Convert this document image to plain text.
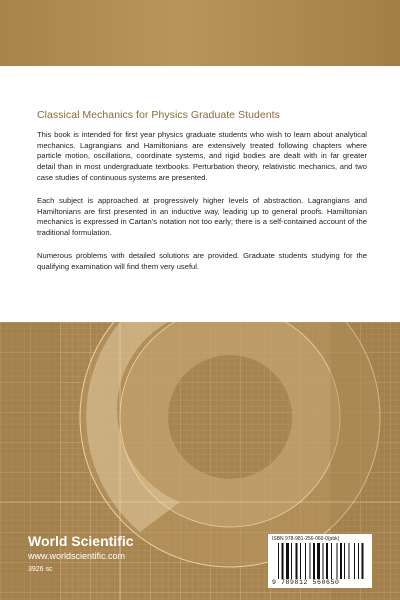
Classical Mechanics for Physics Graduate Students

This book is intended for first year physics graduate students who wish to learn about analytical mechanics. Lagrangians and Hamiltonians are extensively treated following chapters where particle motion, oscillations, coordinate systems, and rigid bodies are dealt with in far greater detail than in most undergraduate textbooks. Perturbation theory, relativistic mechanics, and two case studies of continuous systems are presented.

Each subject is approached at progressively higher levels of abstraction. Lagrangians and Hamiltonians are first presented in an inductive way, leading up to general proofs. Hamiltonian mechanics is expressed in Cartan's notation not too early; there is a self-contained account of the traditional formulation.

Numerous problems with detailed solutions are provided. Graduate students studying for the qualifying examination will find them very useful.

World Scientific
www.worldscientific.com
3926 sc
ISBN 978-981-256-060-0(pbk)
9 789812 560650
